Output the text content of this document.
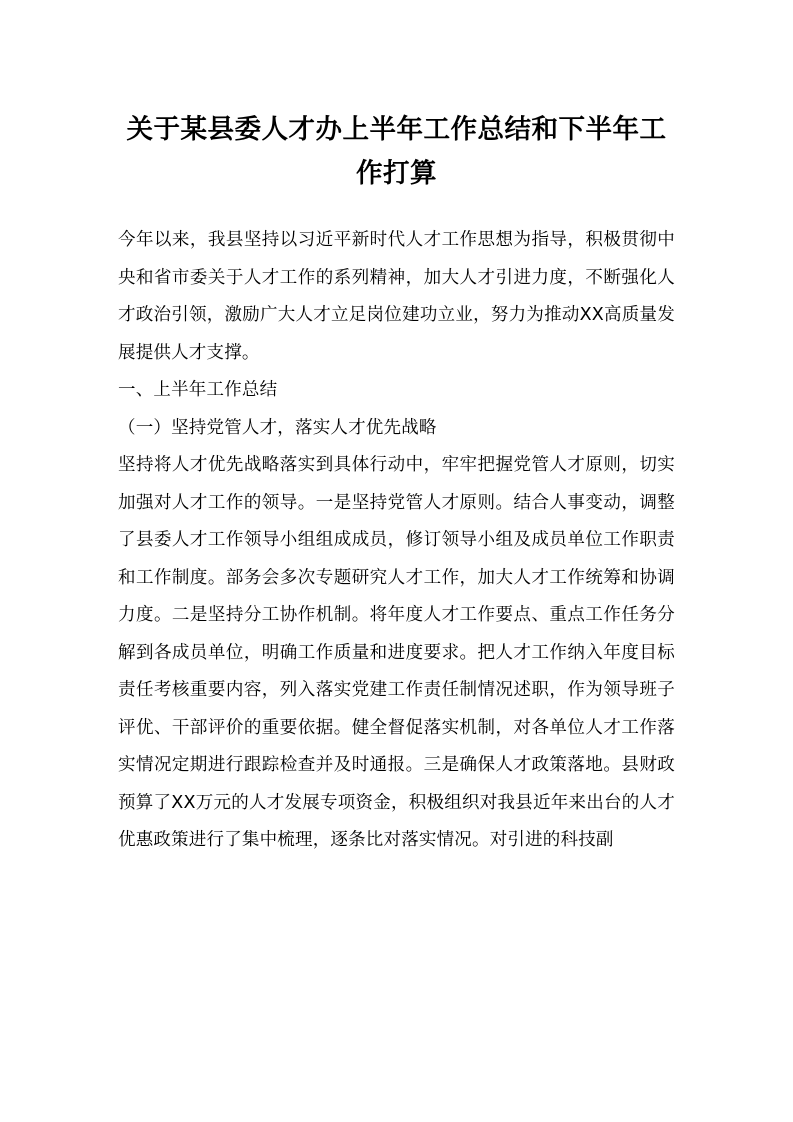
关于某县委人才办上半年工作总结和下半年工作打算

今年以来，我县坚持以习近平新时代人才工作思想为指导，积极贯彻中央和省市委关于人才工作的系列精神，加大人才引进力度，不断强化人才政治引领，激励广大人才立足岗位建功立业，努力为推动XX高质量发展提供人才支撑。

一、上半年工作总结

（一）坚持党管人才，落实人才优先战略

坚持将人才优先战略落实到具体行动中，牢牢把握党管人才原则，切实加强对人才工作的领导。一是坚持党管人才原则。结合人事变动，调整了县委人才工作领导小组组成成员，修订领导小组及成员单位工作职责和工作制度。部务会多次专题研究人才工作，加大人才工作统筹和协调力度。二是坚持分工协作机制。将年度人才工作要点、重点工作任务分解到各成员单位，明确工作质量和进度要求。把人才工作纳入年度目标责任考核重要内容，列入落实党建工作责任制情况述职，作为领导班子评优、干部评价的重要依据。健全督促落实机制，对各单位人才工作落实情况定期进行跟踪检查并及时通报。三是确保人才政策落地。县财政预算了XX万元的人才发展专项资金，积极组织对我县近年来出台的人才优惠政策进行了集中梳理，逐条比对落实情况。对引进的科技副
